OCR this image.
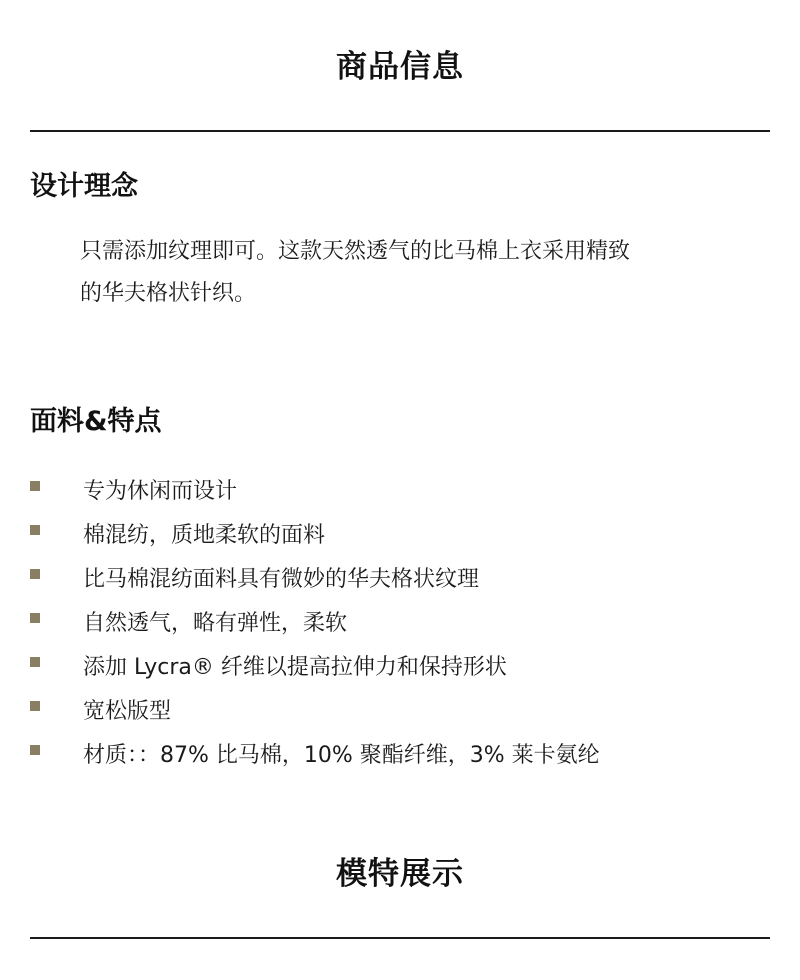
商品信息
设计理念

只需添加纹理即可。这款天然透气的比马棉上衣采用精致

的华夫格状针织。

面料&特点
专为休闲而设计
棉混纺，质地柔软的面料
比马棉混纺面料具有微妙的华夫格状纹理
自然透气，略有弹性，柔软
添加 Lycra® 纤维以提高拉伸力和保持形状
宽松版型
材质：：87% 比马棉，10% 聚酯纤维，3% 莱卡氨纶
模特展示
